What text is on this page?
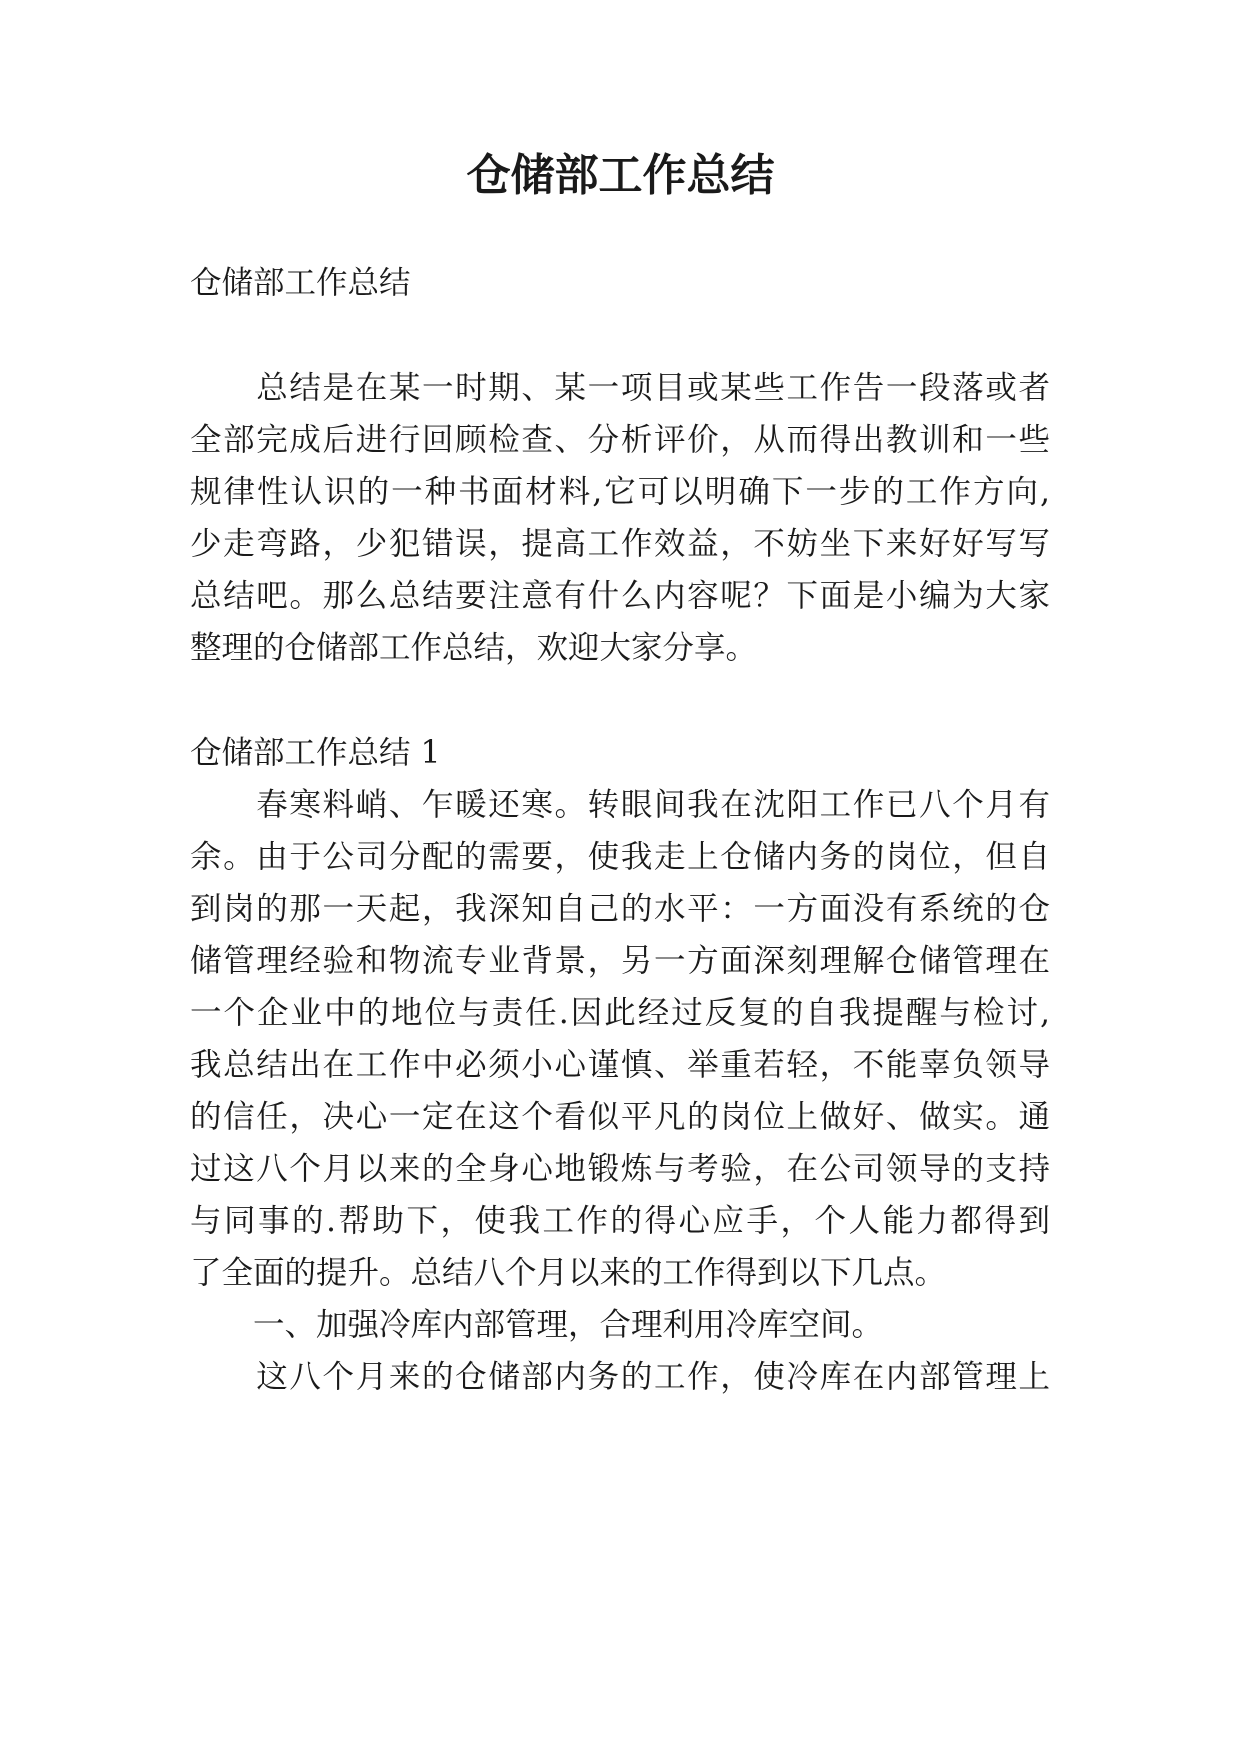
仓储部工作总结
仓储部工作总结
　　总结是在某一时期、某一项目或某些工作告一段落或者
全部完成后进行回顾检查、分析评价，从而得出教训和一些
规律性认识的一种书面材料,它可以明确下一步的工作方向,
少走弯路，少犯错误，提高工作效益，不妨坐下来好好写写
总结吧。那么总结要注意有什么内容呢？下面是小编为大家
整理的仓储部工作总结，欢迎大家分享。
仓储部工作总结 1
　　春寒料峭、乍暖还寒。转眼间我在沈阳工作已八个月有
余。由于公司分配的需要，使我走上仓储内务的岗位，但自
到岗的那一天起，我深知自己的水平：一方面没有系统的仓
储管理经验和物流专业背景，另一方面深刻理解仓储管理在
一个企业中的地位与责任.因此经过反复的自我提醒与检讨,
我总结出在工作中必须小心谨慎、举重若轻，不能辜负领导
的信任，决心一定在这个看似平凡的岗位上做好、做实。通
过这八个月以来的全身心地锻炼与考验，在公司领导的支持
与同事的.帮助下，使我工作的得心应手，个人能力都得到
了全面的提升。总结八个月以来的工作得到以下几点。
　　一、加强冷库内部管理，合理利用冷库空间。
　　这八个月来的仓储部内务的工作，使冷库在内部管理上
